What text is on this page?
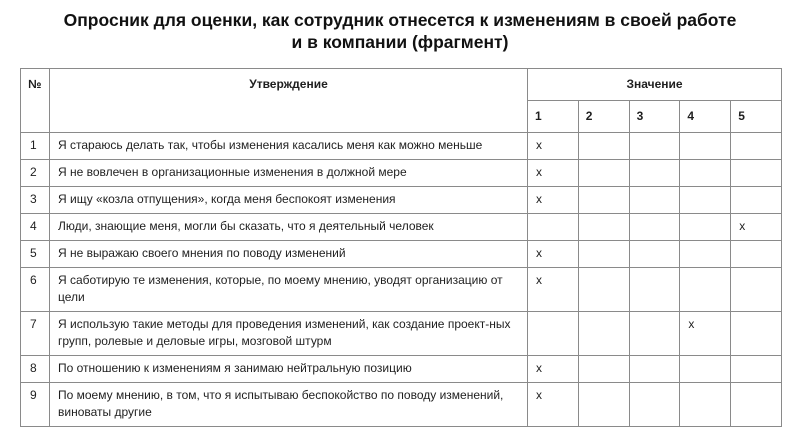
Опросник для оценки, как сотрудник отнесется к изменениям в своей работе
и в компании (фрагмент)
№	Утверждение	Значение				
		1	2	3	4	5
1	Я стараюсь делать так, чтобы изменения касались меня как можно меньше	x				
2	Я не вовлечен в организационные изменения в должной мере	x				
3	Я ищу «козла отпущения», когда меня беспокоят изменения	x				
4	Люди, знающие меня, могли бы сказать, что я деятельный человек					x
5	Я не выражаю своего мнения по поводу изменений	x				
6	Я саботирую те изменения, которые, по моему мнению, уводят организацию от цели	x				
7	Я использую такие методы для проведения изменений, как создание проект-ных групп, ролевые и деловые игры, мозговой штурм				x	
8	По отношению к изменениям я занимаю нейтральную позицию	x				
9	По моему мнению, в том, что я испытываю беспокойство по поводу изменений, виноваты другие	x				
